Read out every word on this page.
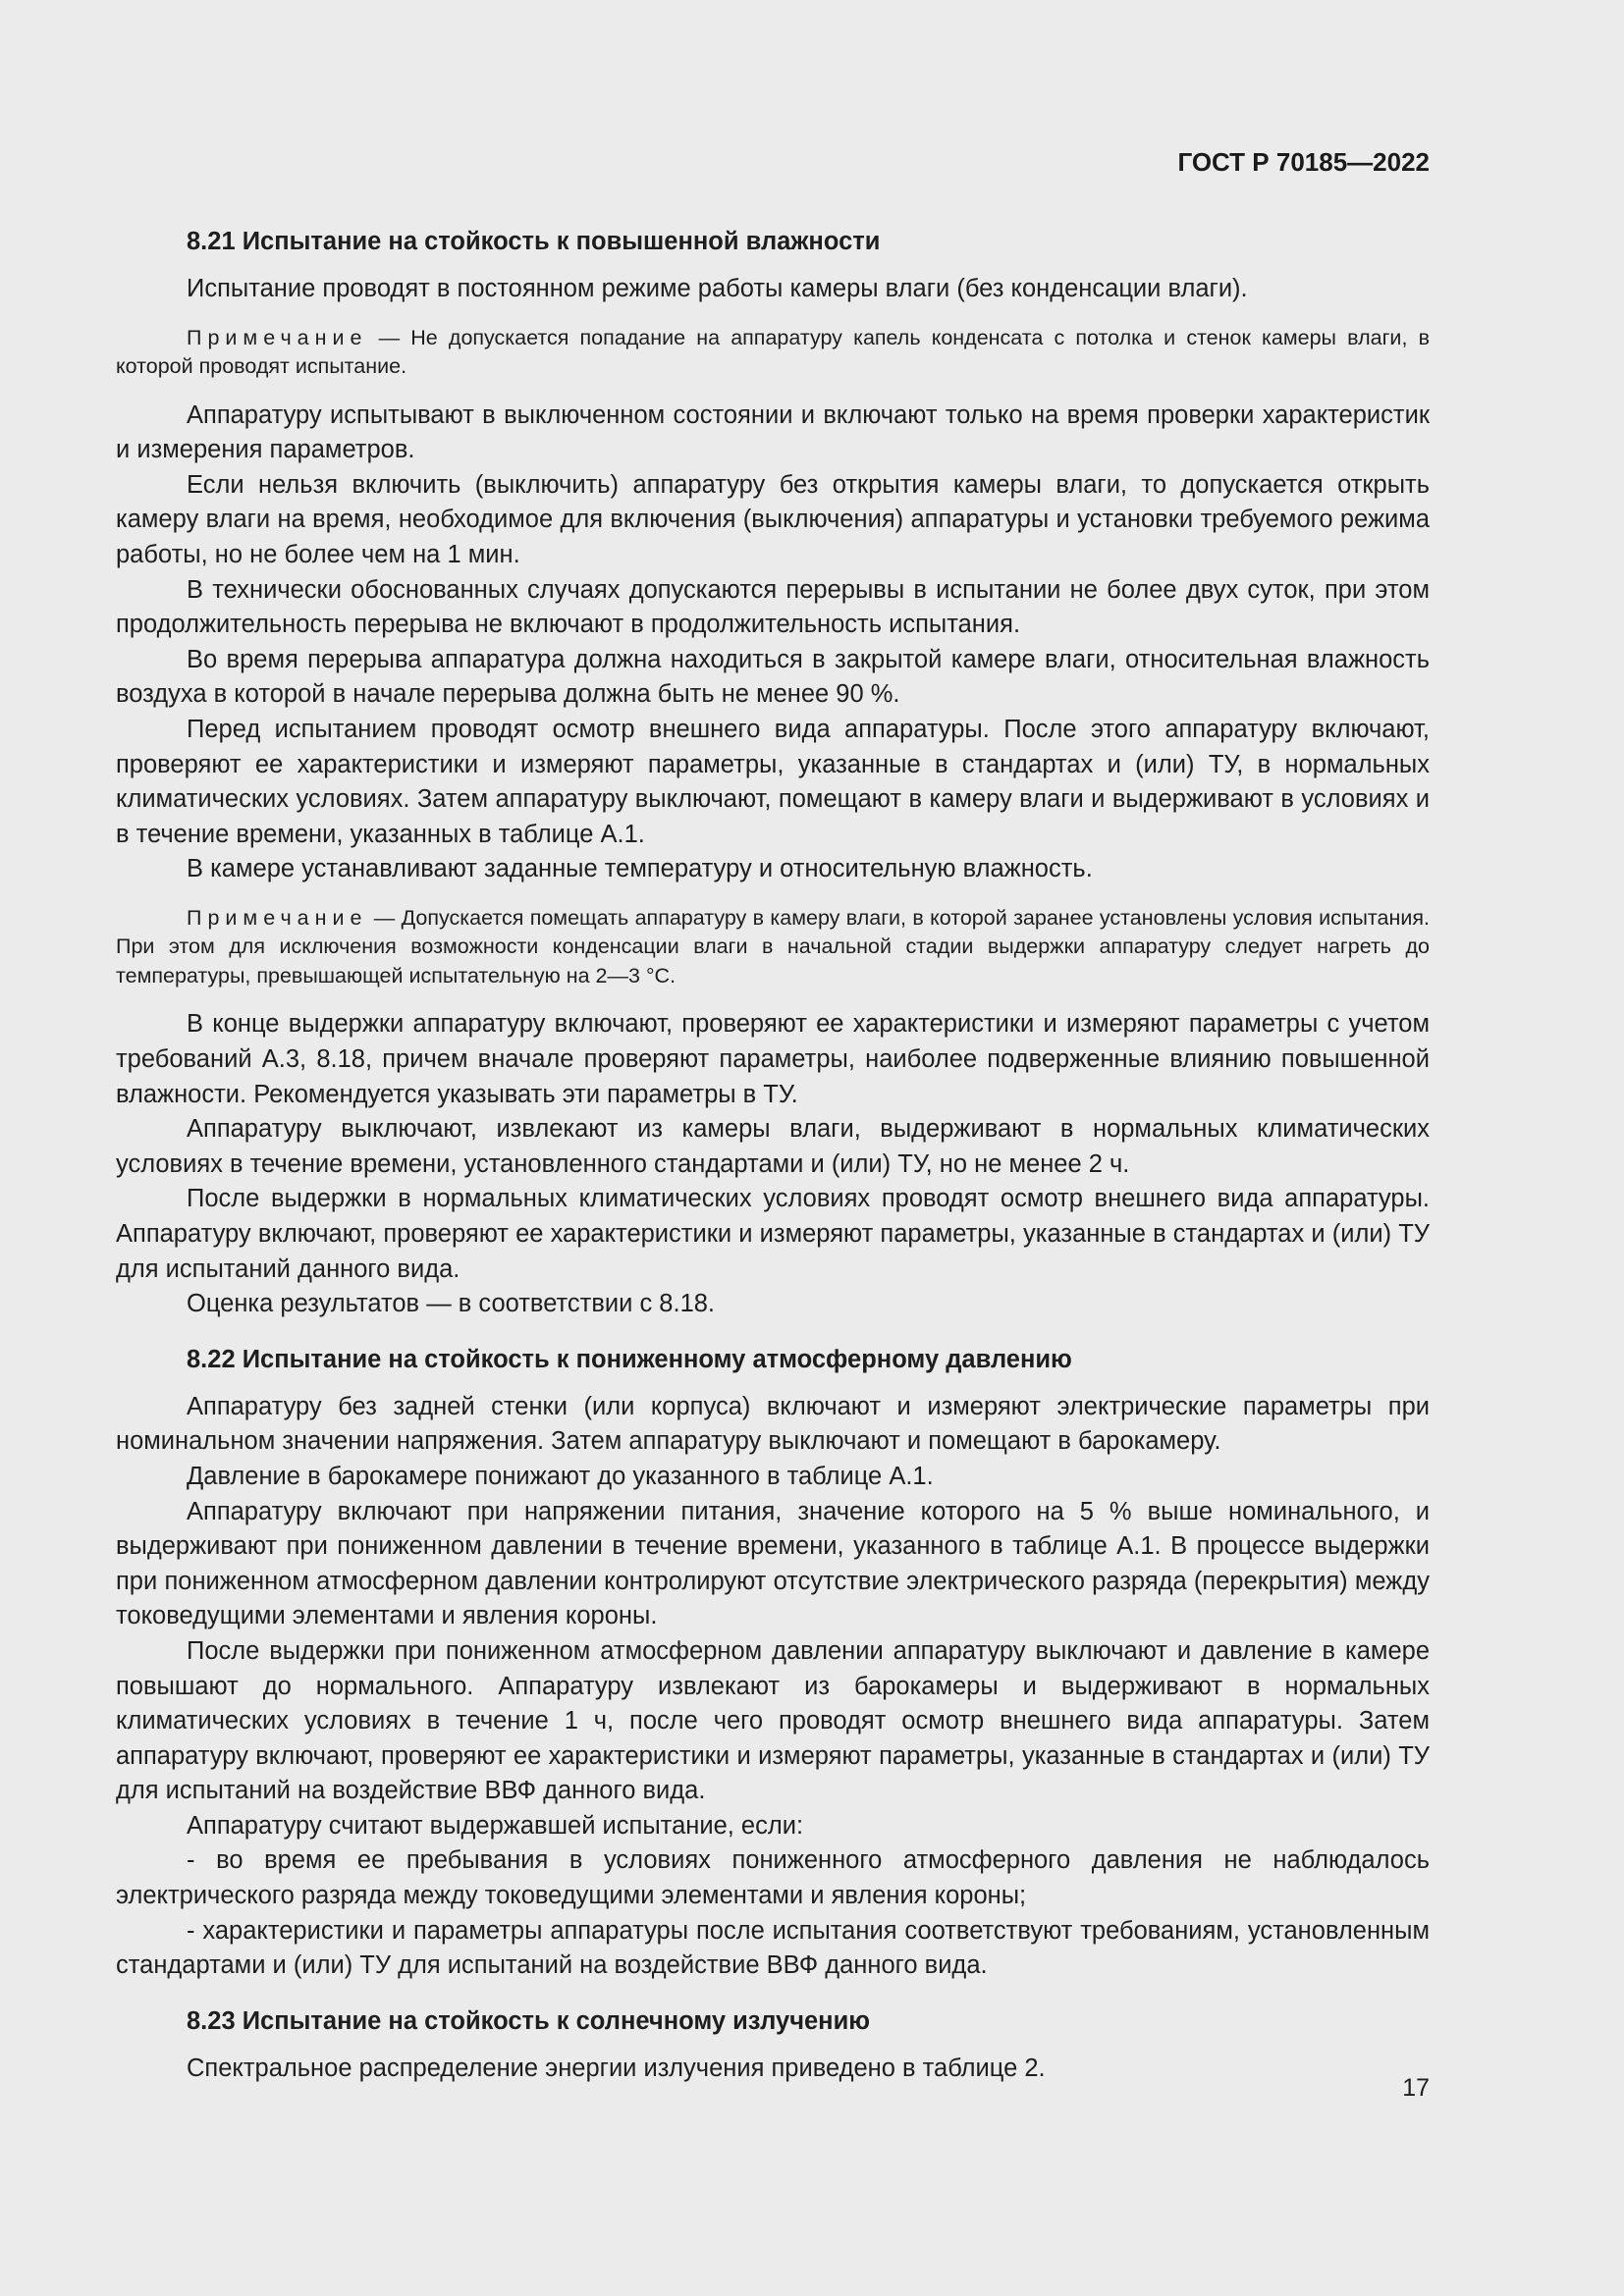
ГОСТ Р 70185—2022
8.21 Испытание на стойкость к повышенной влажности

Испытание проводят в постоянном режиме работы камеры влаги (без конденсации влаги).

Примечание — Не допускается попадание на аппаратуру капель конденсата с потолка и стенок камеры влаги, в которой проводят испытание.

Аппаратуру испытывают в выключенном состоянии и включают только на время проверки характеристик и измерения параметров.

Если нельзя включить (выключить) аппаратуру без открытия камеры влаги, то допускается открыть камеру влаги на время, необходимое для включения (выключения) аппаратуры и установки требуемого режима работы, но не более чем на 1 мин.

В технически обоснованных случаях допускаются перерывы в испытании не более двух суток, при этом продолжительность перерыва не включают в продолжительность испытания.

Во время перерыва аппаратура должна находиться в закрытой камере влаги, относительная влажность воздуха в которой в начале перерыва должна быть не менее 90 %.

Перед испытанием проводят осмотр внешнего вида аппаратуры. После этого аппаратуру включают, проверяют ее характеристики и измеряют параметры, указанные в стандартах и (или) ТУ, в нормальных климатических условиях. Затем аппаратуру выключают, помещают в камеру влаги и выдерживают в условиях и в течение времени, указанных в таблице А.1.

В камере устанавливают заданные температуру и относительную влажность.

Примечание — Допускается помещать аппаратуру в камеру влаги, в которой заранее установлены условия испытания. При этом для исключения возможности конденсации влаги в начальной стадии выдержки аппаратуру следует нагреть до температуры, превышающей испытательную на 2—3 °С.

В конце выдержки аппаратуру включают, проверяют ее характеристики и измеряют параметры с учетом требований А.3, 8.18, причем вначале проверяют параметры, наиболее подверженные влиянию повышенной влажности. Рекомендуется указывать эти параметры в ТУ.

Аппаратуру выключают, извлекают из камеры влаги, выдерживают в нормальных климатических условиях в течение времени, установленного стандартами и (или) ТУ, но не менее 2 ч.

После выдержки в нормальных климатических условиях проводят осмотр внешнего вида аппаратуры. Аппаратуру включают, проверяют ее характеристики и измеряют параметры, указанные в стандартах и (или) ТУ для испытаний данного вида.

Оценка результатов — в соответствии с 8.18.

8.22 Испытание на стойкость к пониженному атмосферному давлению

Аппаратуру без задней стенки (или корпуса) включают и измеряют электрические параметры при номинальном значении напряжения. Затем аппаратуру выключают и помещают в барокамеру.

Давление в барокамере понижают до указанного в таблице А.1.

Аппаратуру включают при напряжении питания, значение которого на 5 % выше номинального, и выдерживают при пониженном давлении в течение времени, указанного в таблице А.1. В процессе выдержки при пониженном атмосферном давлении контролируют отсутствие электрического разряда (перекрытия) между токоведущими элементами и явления короны.

После выдержки при пониженном атмосферном давлении аппаратуру выключают и давление в камере повышают до нормального. Аппаратуру извлекают из барокамеры и выдерживают в нормальных климатических условиях в течение 1 ч, после чего проводят осмотр внешнего вида аппаратуры. Затем аппаратуру включают, проверяют ее характеристики и измеряют параметры, указанные в стандартах и (или) ТУ для испытаний на воздействие ВВФ данного вида.

Аппаратуру считают выдержавшей испытание, если:

- во время ее пребывания в условиях пониженного атмосферного давления не наблюдалось электрического разряда между токоведущими элементами и явления короны;

- характеристики и параметры аппаратуры после испытания соответствуют требованиям, установленным стандартами и (или) ТУ для испытаний на воздействие ВВФ данного вида.

8.23 Испытание на стойкость к солнечному излучению

Спектральное распределение энергии излучения приведено в таблице 2.

17
